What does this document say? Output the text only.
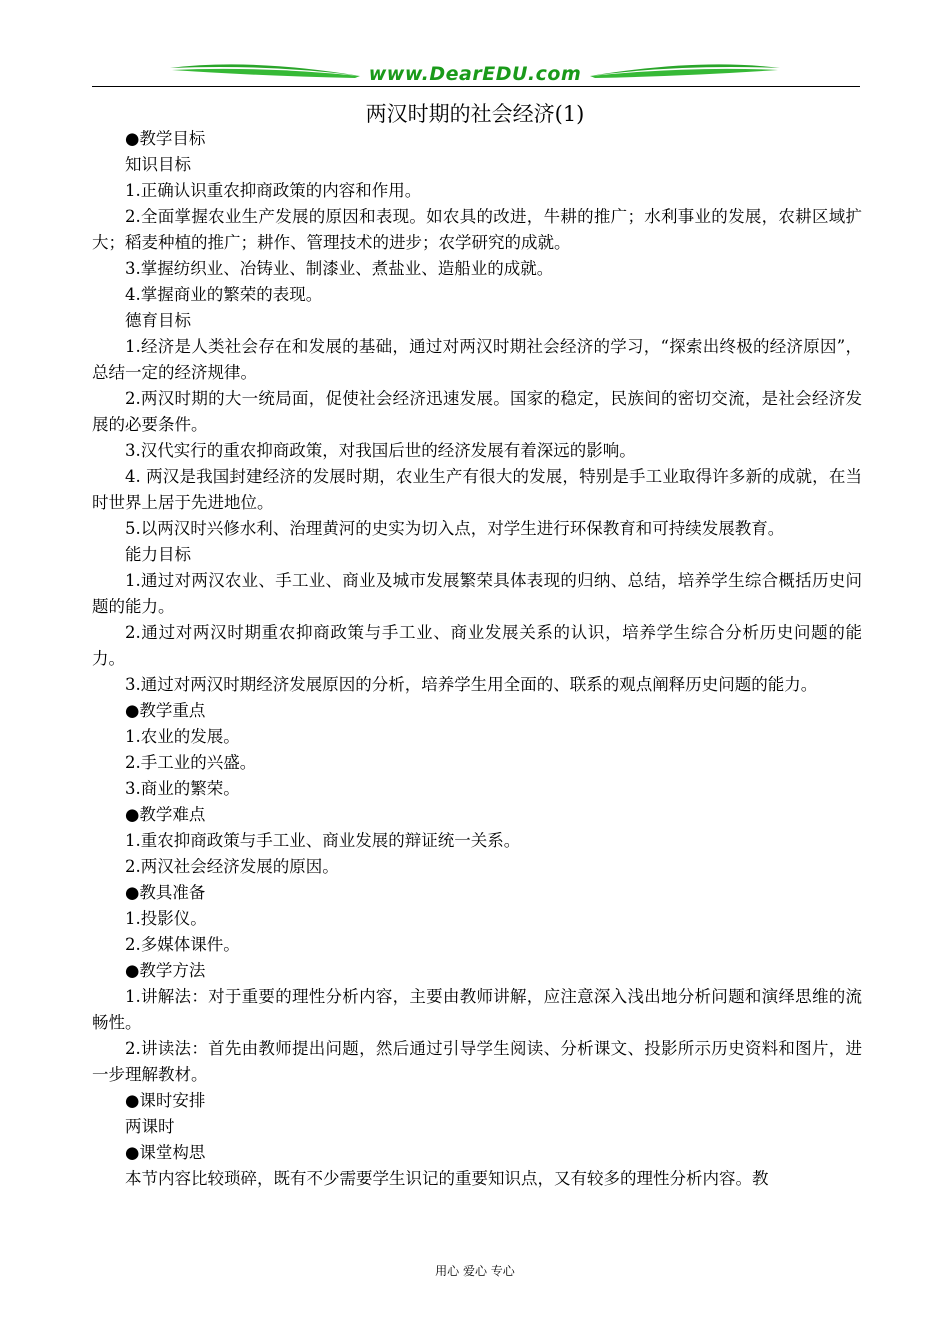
www.DearEDU.com
两汉时期的社会经济(1)

●教学目标

知识目标

1.正确认识重农抑商政策的内容和作用。

2.全面掌握农业生产发展的原因和表现。如农具的改进，牛耕的推广；水利事业的发展，农耕区域扩大；稻麦种植的推广；耕作、管理技术的进步；农学研究的成就。

3.掌握纺织业、冶铸业、制漆业、煮盐业、造船业的成就。

4.掌握商业的繁荣的表现。

德育目标

1.经济是人类社会存在和发展的基础，通过对两汉时期社会经济的学习，“探索出终极的经济原因”，总结一定的经济规律。

2.两汉时期的大一统局面，促使社会经济迅速发展。国家的稳定，民族间的密切交流，是社会经济发展的必要条件。

3.汉代实行的重农抑商政策，对我国后世的经济发展有着深远的影响。

4. 两汉是我国封建经济的发展时期，农业生产有很大的发展，特别是手工业取得许多新的成就，在当时世界上居于先进地位。

5.以两汉时兴修水利、治理黄河的史实为切入点，对学生进行环保教育和可持续发展教育。

能力目标

1.通过对两汉农业、手工业、商业及城市发展繁荣具体表现的归纳、总结，培养学生综合概括历史问题的能力。

2.通过对两汉时期重农抑商政策与手工业、商业发展关系的认识，培养学生综合分析历史问题的能力。

3.通过对两汉时期经济发展原因的分析，培养学生用全面的、联系的观点阐释历史问题的能力。

●教学重点

1.农业的发展。

2.手工业的兴盛。

3.商业的繁荣。

●教学难点

1.重农抑商政策与手工业、商业发展的辩证统一关系。

2.两汉社会经济发展的原因。

●教具准备

1.投影仪。

2.多媒体课件。

●教学方法

1.讲解法：对于重要的理性分析内容，主要由教师讲解，应注意深入浅出地分析问题和演绎思维的流畅性。

2.讲读法：首先由教师提出问题，然后通过引导学生阅读、分析课文、投影所示历史资料和图片，进一步理解教材。

●课时安排

两课时

●课堂构思

本节内容比较琐碎，既有不少需要学生识记的重要知识点，又有较多的理性分析内容。教

用心 爱心 专心
